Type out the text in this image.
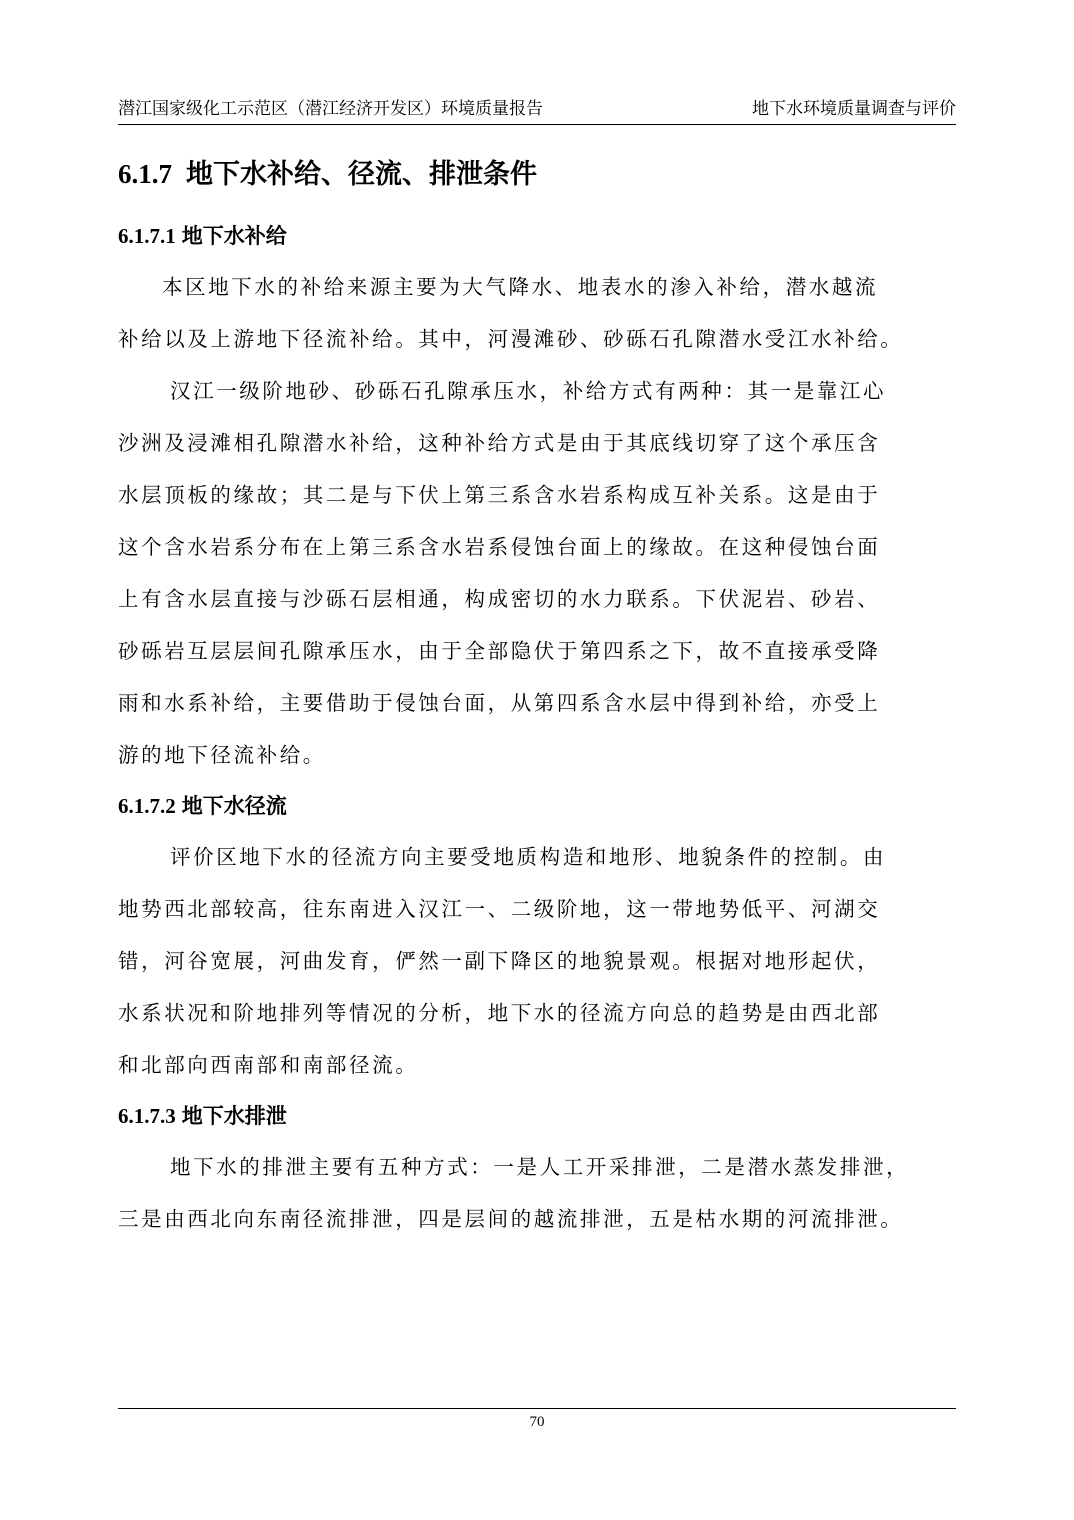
潜江国家级化工示范区（潜江经济开发区）环境质量报告	地下水环境质量调查与评价
6.1.7 地下水补给、径流、排泄条件
6.1.7.1 地下水补给
本区地下水的补给来源主要为大气降水、地表水的渗入补给，潜水越流
补给以及上游地下径流补给。其中，河漫滩砂、砂砾石孔隙潜水受江水补给。
汉江一级阶地砂、砂砾石孔隙承压水，补给方式有两种：其一是靠江心
沙洲及浸滩相孔隙潜水补给，这种补给方式是由于其底线切穿了这个承压含
水层顶板的缘故；其二是与下伏上第三系含水岩系构成互补关系。这是由于
这个含水岩系分布在上第三系含水岩系侵蚀台面上的缘故。在这种侵蚀台面
上有含水层直接与沙砾石层相通，构成密切的水力联系。下伏泥岩、砂岩、
砂砾岩互层层间孔隙承压水，由于全部隐伏于第四系之下，故不直接承受降
雨和水系补给，主要借助于侵蚀台面，从第四系含水层中得到补给，亦受上
游的地下径流补给。
6.1.7.2 地下水径流
评价区地下水的径流方向主要受地质构造和地形、地貌条件的控制。由
地势西北部较高，往东南进入汉江一、二级阶地，这一带地势低平、河湖交
错，河谷宽展，河曲发育，俨然一副下降区的地貌景观。根据对地形起伏，
水系状况和阶地排列等情况的分析，地下水的径流方向总的趋势是由西北部
和北部向西南部和南部径流。
6.1.7.3 地下水排泄
地下水的排泄主要有五种方式：一是人工开采排泄，二是潜水蒸发排泄，
三是由西北向东南径流排泄，四是层间的越流排泄，五是枯水期的河流排泄。
70
